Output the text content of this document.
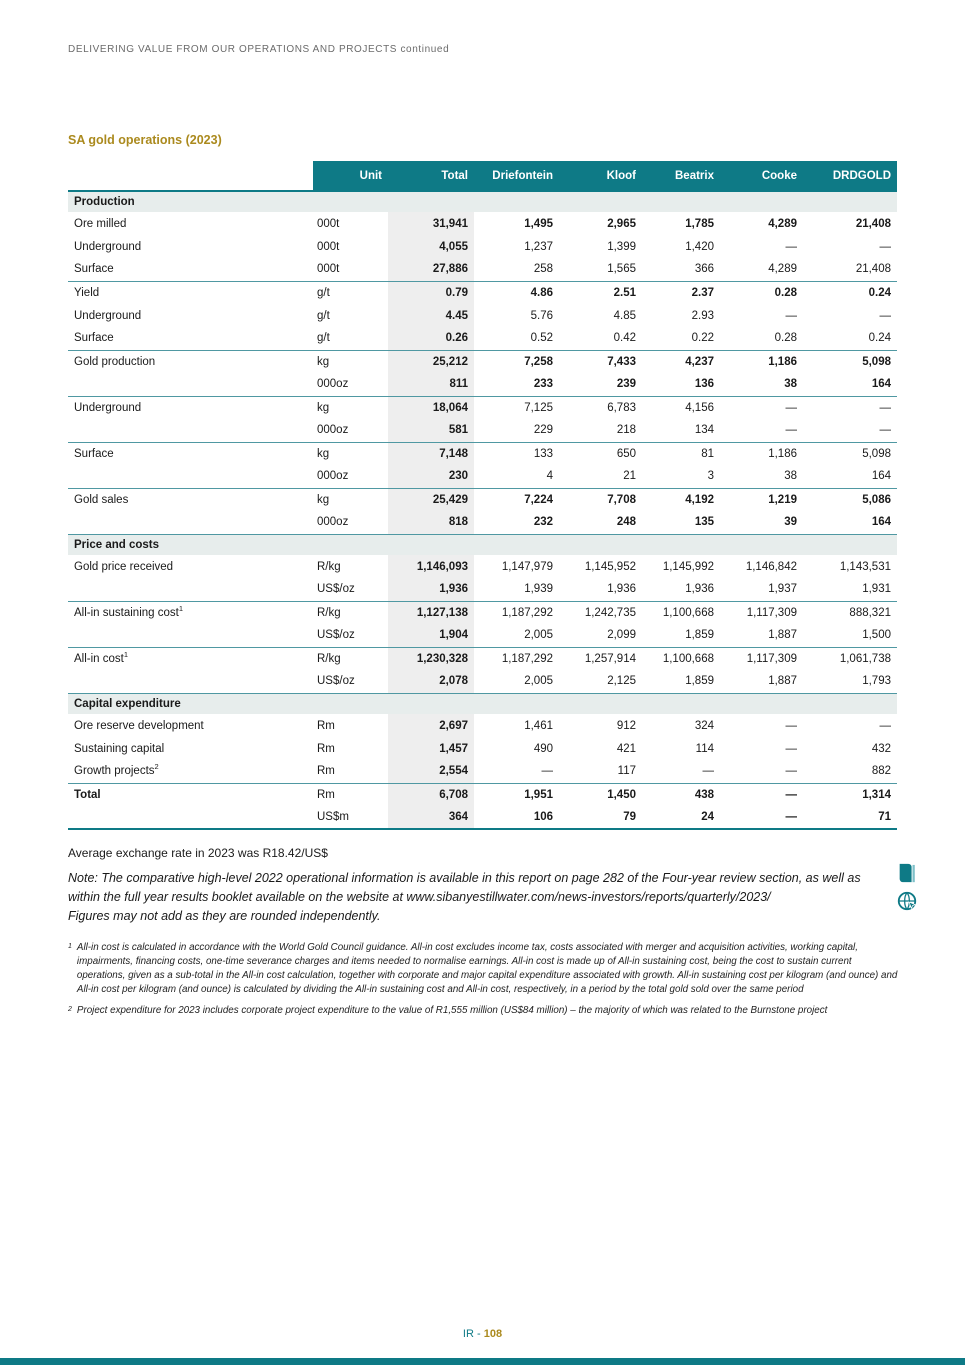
DELIVERING VALUE FROM OUR OPERATIONS AND PROJECTS continued
SA gold operations (2023)
	Unit	Total	Driefontein	Kloof	Beatrix	Cooke	DRDGOLD
Production							
Ore milled	000t	31,941	1,495	2,965	1,785	4,289	21,408
Underground	000t	4,055	1,237	1,399	1,420	—	—
Surface	000t	27,886	258	1,565	366	4,289	21,408
Yield	g/t	0.79	4.86	2.51	2.37	0.28	0.24
Underground	g/t	4.45	5.76	4.85	2.93	—	—
Surface	g/t	0.26	0.52	0.42	0.22	0.28	0.24
Gold production	kg	25,212	7,258	7,433	4,237	1,186	5,098
	000oz	811	233	239	136	38	164
Underground	kg	18,064	7,125	6,783	4,156	—	—
	000oz	581	229	218	134	—	—
Surface	kg	7,148	133	650	81	1,186	5,098
	000oz	230	4	21	3	38	164
Gold sales	kg	25,429	7,224	7,708	4,192	1,219	5,086
	000oz	818	232	248	135	39	164
Price and costs							
Gold price received	R/kg	1,146,093	1,147,979	1,145,952	1,145,992	1,146,842	1,143,531
	US$/oz	1,936	1,939	1,936	1,936	1,937	1,931
All-in sustaining cost$^1$	R/kg	1,127,138	1,187,292	1,242,735	1,100,668	1,117,309	888,321
	US$/oz	1,904	2,005	2,099	1,859	1,887	1,500
All-in cost$^1$	R/kg	1,230,328	1,187,292	1,257,914	1,100,668	1,117,309	1,061,738
	US$/oz	2,078	2,005	2,125	1,859	1,887	1,793
Capital expenditure							
Ore reserve development	Rm	2,697	1,461	912	324	—	—
Sustaining capital	Rm	1,457	490	421	114	—	432
Growth projects$^2$	Rm	2,554	—	117	—	—	882
Total	Rm	6,708	1,951	1,450	438	—	1,314
	US$m	364	106	79	24	—	71

Average exchange rate in 2023 was R18.42/US$

Note: The comparative high-level 2022 operational information is available in this report on page 282 of the Four-year review section, as well as within the full year results booklet available on the website at www.sibanyestillwater.com/news-investors/reports/quarterly/2023/
Figures may not add as they are rounded independently.

1 All-in cost is calculated in accordance with the World Gold Council guidance. All-in cost excludes income tax, costs associated with merger and acquisition activities, working capital, impairments, financing costs, one-time severance charges and items needed to normalise earnings. All-in cost is made up of All-in sustaining cost, being the cost to sustain current operations, given as a sub-total in the All-in cost calculation, together with corporate and major capital expenditure associated with growth. All-in sustaining cost per kilogram (and ounce) and All-in cost per kilogram (and ounce) is calculated by dividing the All-in sustaining cost and All-in cost, respectively, in a period by the total gold sold over the same period
2 Project expenditure for 2023 includes corporate project expenditure to the value of R1,555 million (US$84 million) – the majority of which was related to the Burnstone project
IR - 108
